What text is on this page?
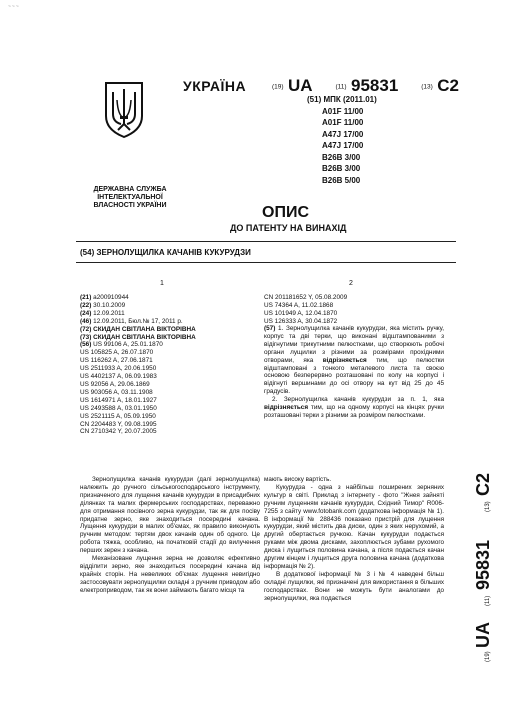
~~~
УКРАЇНА	(19) UA	(11) 95831	(13) C2
(51) МПК (2011.01)
A01F 11/00
A01F 11/00
A47J 17/00
A47J 17/00
B26B 3/00
B26B 3/00
B26B 5/00
ДЕРЖАВНА СЛУЖБА ІНТЕЛЕКТУАЛЬНОЇ ВЛАСНОСТІ УКРАЇНИ	ОПИС
ДО ПАТЕНТУ НА ВИНАХІД
(54) ЗЕРНОЛУЩИЛКА КАЧАНІВ КУКУРУДЗИ
1	2
(21) a200910944
(22) 30.10.2009
(24) 12.09.2011
(46) 12.09.2011, Бюл.№ 17, 2011 р.
(72) СКИДАН СВІТЛАНА ВІКТОРІВНА
(73) СКИДАН СВІТЛАНА ВІКТОРІВНА
(56) US 99106 A, 25.01.1870
US 105825 A, 26.07.1870
US 116262 A, 27.06.1871
US 2511933 A, 20.06.1950
US 4402137 A, 06.09.1983
US 92056 A, 29.06.1869
US 903056 A, 03.11.1908
US 1614971 A, 18.01.1927
US 2493588 A, 03.01.1950
US 2521115 A, 05.09.1950
CN 2204483 Y, 09.08.1995
CN 2710342 Y, 20.07.2005
CN 201181652 Y, 05.08.2009
US 74364 A, 11.02.1868
US 101949 A, 12.04.1870
US 126333 A, 30.04.1872
(57) 1. Зернолущилка качанів кукурудзи, яка містить ручку, корпус та дві терки, що виконані відштампованими з відігнутими трикутними пелюстками, що створюють робочі органи лущилки з різними за розмірами прохідними отворами, яка відрізняється тим, що пелюстки відштамповані з тонкого металевого листа та своєю основою безперервно розташовані по колу на корпусі і відігнуті вершинами до осі отвору на кут від 25 до 45 градусів.
2. Зернолущилка качанів кукурудзи за п. 1, яка відрізняється тим, що на одному корпусі на кінцях ручки розташовані терки з різними за розміром пелюстками.

Зернолущилка качанів кукурудзи (далі зернолущилка) належить до ручного сільськогосподарського інструменту, призначеного для лущення качанів кукурудзи в присадибних ділянках та малих фермерських господарствах, переважно для отримання посівного зерна кукурудзи, так як для посіву придатне зерно, яке знаходиться посередині качана. Лущення кукурудзи в малих об'ємах, як правило виконують ручним методом: тертям двох качанів один об одного. Це робота тяжка, особливо, на початковій стадії до вилучення перших зерен з качана.

Механізоване лущення зерна не дозволяє ефективно відділити зерно, яке знаходиться посередині качана від крайніх сторін. На невеликих об'ємах лущення невигідно застосовувати зернолущилки складні з ручним приводом або електроприводом, так як вони займають багато місця та

мають високу вартість.

Кукурудза - одна з найбільш поширених зерняних культур в світі. Приклад з інтернету - фото "Жнея зайняті ручним лущенням качанів кукурудзи, Східний Тимор" R006-7255 з сайту www.fotobank.com (додаткова інформація № 1). В інформації № 288436 показано пристрій для лущення кукурудзи, який містить два диски, один з яких нерухомий, а другий обертається ручкою. Качан кукурудзи подається руками між двома дисками, захоплюється зубами рухомого диска і лущиться половина качана, а після подається качан другим кінцем і лущиться друга половина качана (додаткова інформація № 2).

В додаткової інформації № 3 і № 4 наведені більш складні лущилки, які призначені для використання в більших господарствах. Вони не можуть бути аналогами до зернолущилки, яка подається

(19)
UA
(11)
95831
(13)
C2
